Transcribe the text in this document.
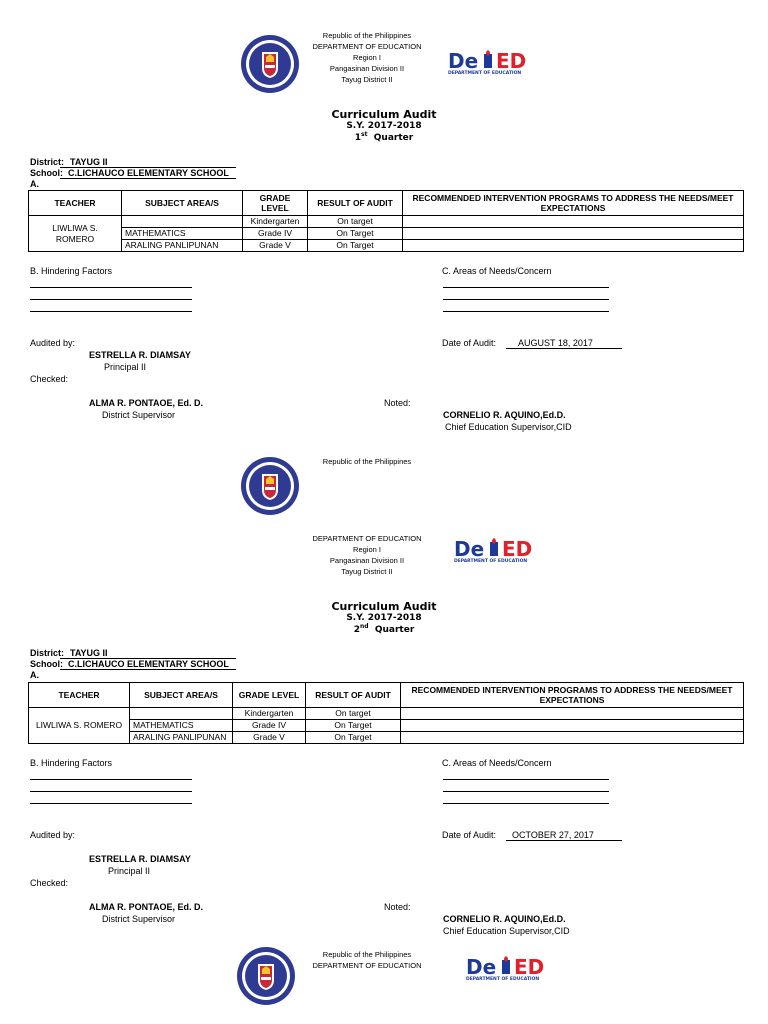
Republic of the Philippines
DEPARTMENT OF EDUCATION
Region I
Pangasinan Division II
Tayug District II
De ED
DEPARTMENT OF EDUCATION
Curriculum Audit
S.Y. 2017-2018
1st Quarter
District: TAYUG II
School: C.LICHAUCO ELEMENTARY SCHOOL
A.
TEACHER	SUBJECT AREA/S	GRADE LEVEL	RESULT OF AUDIT	RECOMMENDED INTERVENTION PROGRAMS TO ADDRESS THE NEEDS/MEET EXPECTATIONS
LIWLIWA S. ROMERO		Kindergarten	On target	
	MATHEMATICS	Grade IV	On Target	
	ARALING PANLIPUNAN	Grade V	On Target	
B. Hindering Factors	C. Areas of Needs/Concern
Audited by:	Date of Audit: AUGUST 18, 2017
ESTRELLA R. DIAMSAY
Principal II
Checked:
ALMA R. PONTAOE, Ed. D.	Noted:
District Supervisor	CORNELIO R. AQUINO,Ed.D.
Chief Education Supervisor,CID
Republic of the Philippines
DEPARTMENT OF EDUCATION
Region I
Pangasinan Division II
Tayug District II
De ED
DEPARTMENT OF EDUCATION
Curriculum Audit
S.Y. 2017-2018
2nd Quarter
District: TAYUG II
School: C.LICHAUCO ELEMENTARY SCHOOL
A.
TEACHER	SUBJECT AREA/S	GRADE LEVEL	RESULT OF AUDIT	RECOMMENDED INTERVENTION PROGRAMS TO ADDRESS THE NEEDS/MEET EXPECTATIONS
LIWLIWA S. ROMERO		Kindergarten	On target	
	MATHEMATICS	Grade IV	On Target	
	ARALING PANLIPUNAN	Grade V	On Target	
B. Hindering Factors	C. Areas of Needs/Concern
Audited by:	Date of Audit: OCTOBER 27, 2017
ESTRELLA R. DIAMSAY
Principal II
Checked:
ALMA R. PONTAOE, Ed. D.	Noted:
District Supervisor	CORNELIO R. AQUINO,Ed.D.
Chief Education Supervisor,CID
Republic of the Philippines
DEPARTMENT OF EDUCATION	De ED
DEPARTMENT OF EDUCATION
